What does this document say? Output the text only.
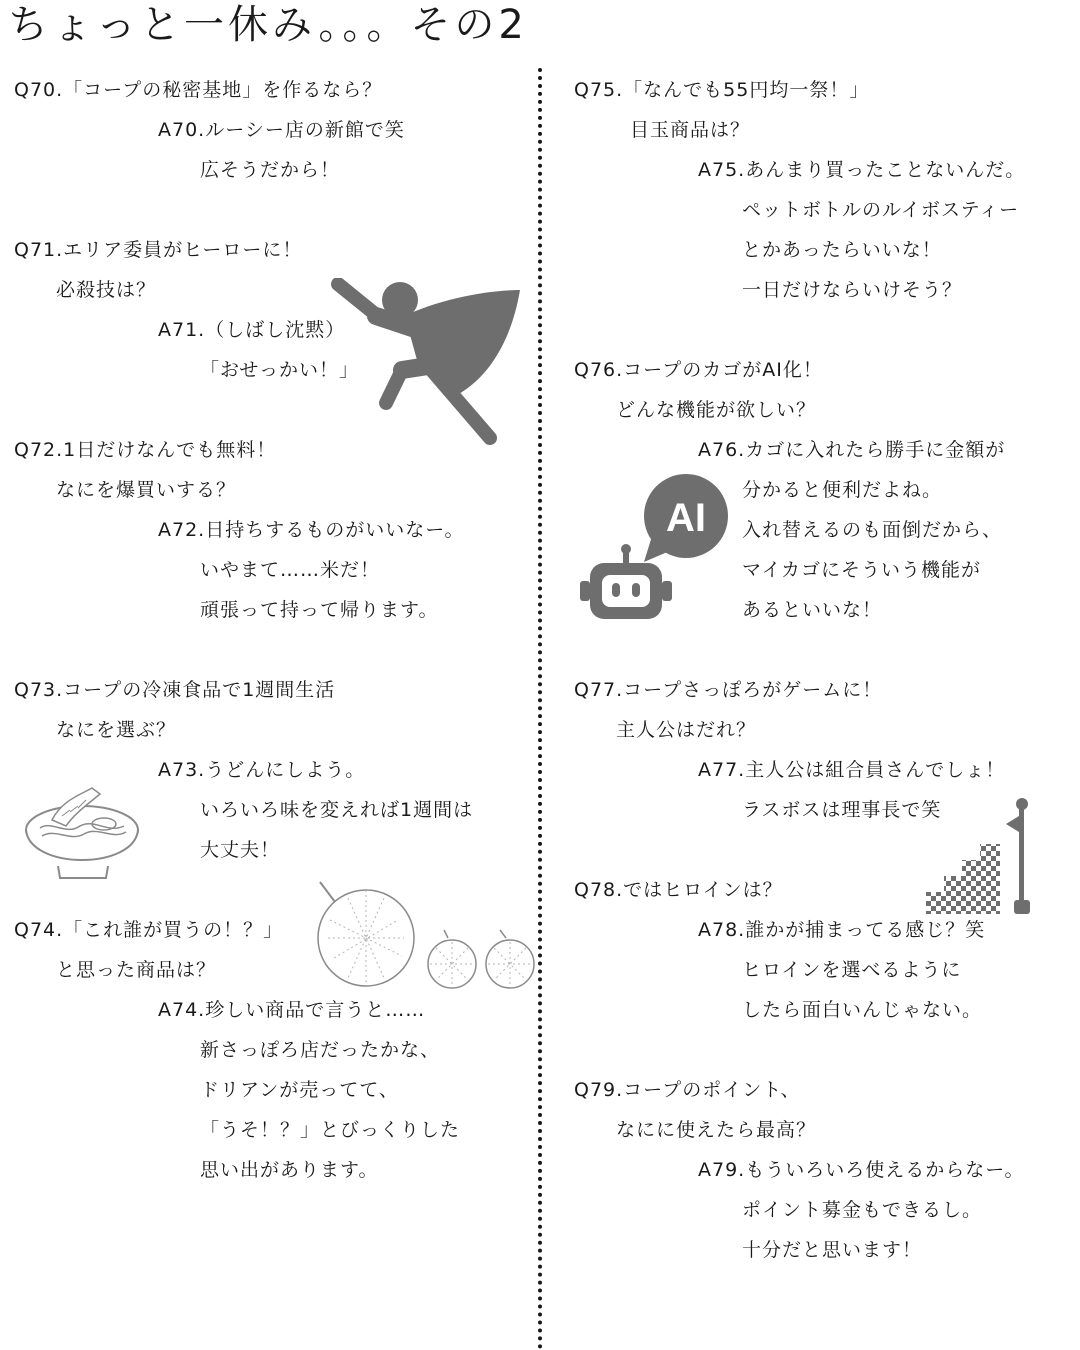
ちょっと一休み。。。その2
Q70.「コープの秘密基地」を作るなら？
A70.ルーシー店の新館で笑
広そうだから！
Q71.エリア委員がヒーローに！
必殺技は？
A71.（しばし沈黙）
「おせっかい！」
Q72.1日だけなんでも無料！
なにを爆買いする？
A72.日持ちするものがいいなー。
いやまて……米だ！
頑張って持って帰ります。
Q73.コープの冷凍食品で1週間生活
なにを選ぶ？
A73.うどんにしよう。
いろいろ味を変えれば1週間は
大丈夫！
Q74.「これ誰が買うの！？」
と思った商品は？
A74.珍しい商品で言うと……
新さっぽろ店だったかな、
ドリアンが売ってて、
「うそ！？」とびっくりした
思い出があります。
Q75.「なんでも55円均一祭！」
目玉商品は？
A75.あんまり買ったことないんだ。
ペットボトルのルイボスティー
とかあったらいいな！
一日だけならいけそう？
Q76.コープのカゴがAI化！
どんな機能が欲しい？
A76.カゴに入れたら勝手に金額が
分かると便利だよね。
入れ替えるのも面倒だから、
マイカゴにそういう機能が
あるといいな！
Q77.コープさっぽろがゲームに！
主人公はだれ？
A77.主人公は組合員さんでしょ！
ラスボスは理事長で笑
Q78.ではヒロインは？
A78.誰かが捕まってる感じ？笑
ヒロインを選べるように
したら面白いんじゃない。
Q79.コープのポイント、
なにに使えたら最高？
A79.もういろいろ使えるからなー。
ポイント募金もできるし。
十分だと思います！
AI
